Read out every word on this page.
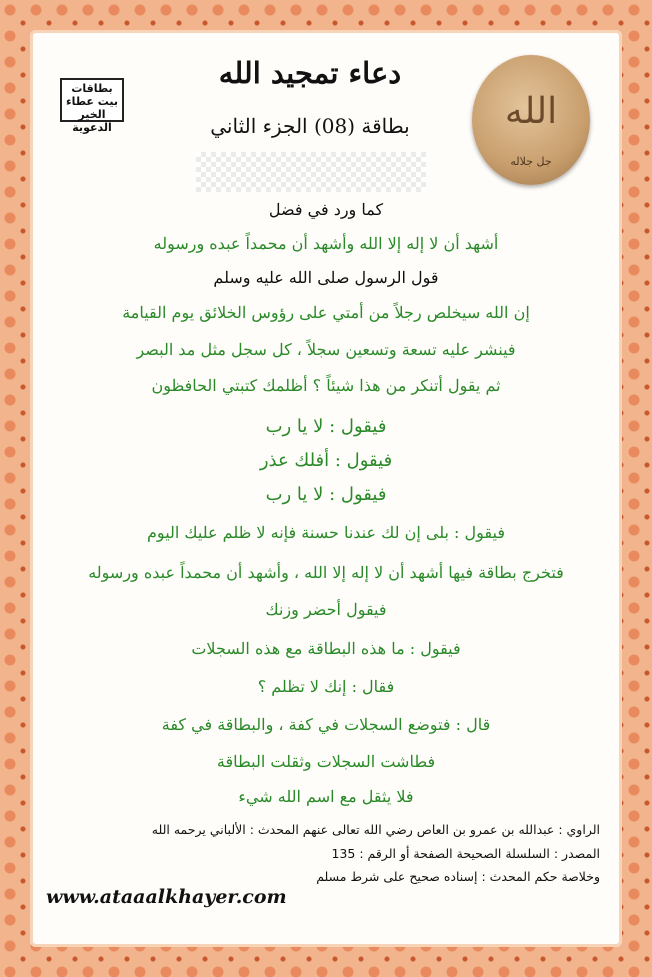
بطاقات
بيت عطاء الخير
الدعوية	الله
جل جلاله
دعاء تمجيد الله
بطاقة (08) الجزء الثاني
كما ورد في فضل
أشهد أن لا إله إلا الله وأشهد أن محمداً عبده ورسوله
قول الرسول صلى الله عليه وسلم
إن الله سيخلص رجلاً من أمتي على رؤوس الخلائق يوم القيامة
فينشر عليه تسعة وتسعين سجلاً ، كل سجل مثل مد البصر
ثم يقول أتنكر من هذا شيئاً ؟ أظلمك كتبتي الحافظون
فيقول : لا يا رب
فيقول : أفلك عذر
فيقول : لا يا رب
فيقول : بلى إن لك عندنا حسنة فإنه لا ظلم عليك اليوم
فتخرج بطاقة فيها أشهد أن لا إله إلا الله ، وأشهد أن محمداً عبده ورسوله
فيقول أحضر وزنك
فيقول : ما هذه البطاقة مع هذه السجلات
فقال : إنك لا تظلم ؟
قال : فتوضع السجلات في كفة ، والبطاقة في كفة
فطاشت السجلات وثقلت البطاقة
فلا يثقل مع اسم الله شيء
الراوي : عبدالله بن عمرو بن العاص رضي الله تعالى عنهم المحدث : الألباني يرحمه الله
المصدر : السلسلة الصحيحة الصفحة أو الرقم : 135
وخلاصة حكم المحدث : إسناده صحيح على شرط مسلم
www.ataaalkhayer.com
